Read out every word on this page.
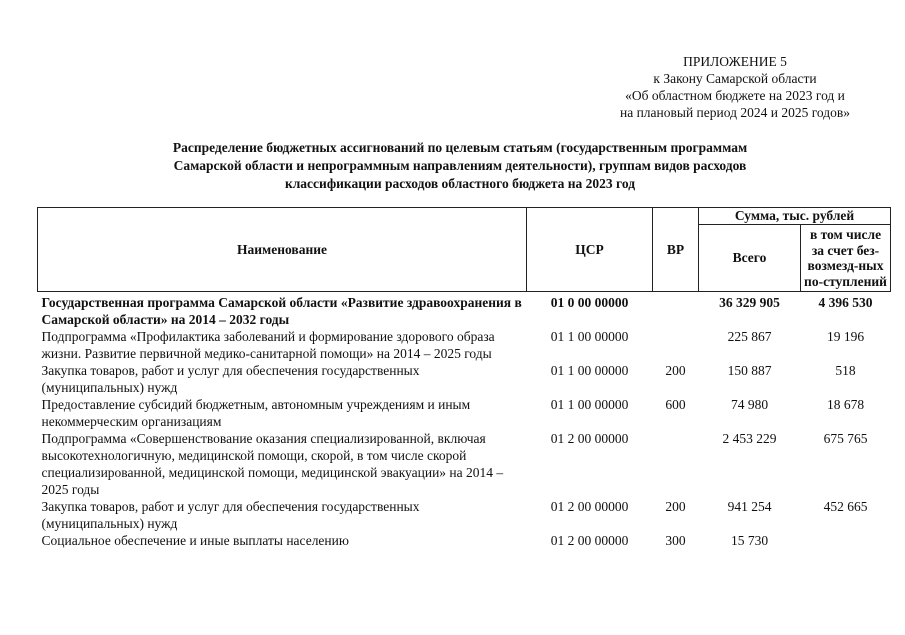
ПРИЛОЖЕНИЕ 5
к Закону Самарской области
«Об областном бюджете на 2023 год и
на плановый период 2024 и 2025 годов»
Распределение бюджетных ассигнований по целевым статьям (государственным программам
Самарской области и непрограммным направлениям деятельности), группам видов расходов
классификации расходов областного бюджета на 2023 год
Наименование	ЦСР	ВР	Сумма, тыс. рублей	
			Всего	в том числе за счет без-возмезд-ных по-ступлений
Государственная программа Самарской области «Развитие здравоохранения в Самарской области» на 2014 – 2032 годы	01 0 00 00000		36 329 905	4 396 530
Подпрограмма «Профилактика заболеваний и формирование здорового образа жизни. Развитие первичной медико-санитарной помощи» на 2014 – 2025 годы	01 1 00 00000		225 867	19 196
Закупка товаров, работ и услуг для обеспечения государственных (муниципальных) нужд	01 1 00 00000	200	150 887	518
Предоставление субсидий бюджетным, автономным учреждениям и иным некоммерческим организациям	01 1 00 00000	600	74 980	18 678
Подпрограмма «Совершенствование оказания специализированной, включая высокотехнологичную, медицинской помощи, скорой, в том числе скорой специализированной, медицинской помощи, медицинской эвакуации» на 2014 – 2025 годы	01 2 00 00000		2 453 229	675 765
Закупка товаров, работ и услуг для обеспечения государственных (муниципальных) нужд	01 2 00 00000	200	941 254	452 665
Социальное обеспечение и иные выплаты населению	01 2 00 00000	300	15 730	
